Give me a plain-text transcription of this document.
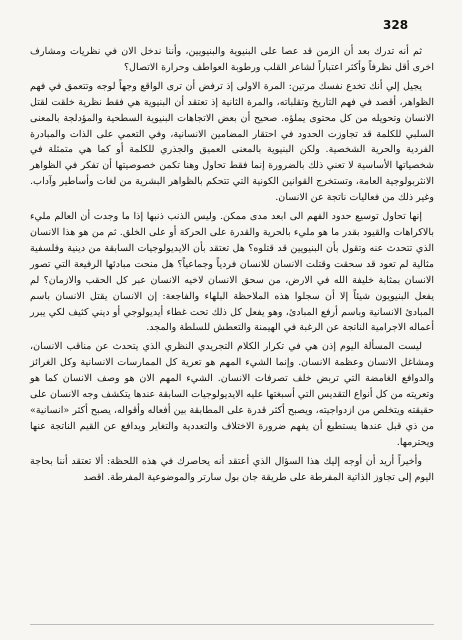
328

ثم أنه تدرك بعد أن الزمن قد عصا على البنيوية والبنيويين، وأننا ندخل الان في نظريات ومشارف اخرى أقل نظرفاً وأكثر اعتباراً لشاعر القلب ورطوبة العواطف وحرارة الاتصال؟

يجيل إلي أنك تخدع نفسك مرتين: المرة الاولى إذ ترفض أن ترى الواقع وجهاً لوجه وتتعمق في فهم الظواهر، أقصد في فهم التاريخ وتقلباته، والمرة الثانية إذ تعتقد أن البنيوية هي فقط نظرية خلقت لقتل الانسان وتحويله من كل محتوى يملؤه. صحيح أن بعض الاتجاهات البنيوية السطحية والمؤدلجة بالمعنى السلبي للكلمة قد تجاوزت الحدود في احتقار المضامين الانسانية، وفي التعمي على الذات والمبادرة الفردية والحرية الشخصية. ولكن البنيوية بالمعنى العميق والجذري للكلمة أو كما هي متمثلة في شخصياتها الأساسية لا تعني ذلك بالضرورة إنما فقط تحاول وهنا تكمن خصوصيتها أن تفكر في الظواهر الانثربولوجية العامة، وتستخرج القوانين الكونية التي تتحكم بالظواهر البشرية من لغات وأساطير وآداب. وغير ذلك من فعاليات ناتجة عن الانسان.

إنها تحاول توسيع حدود الفهم الى ابعد مدى ممكن. وليس الذنب ذنبها إذا ما وجدت أن العالم مليء بالاكراهات والقيود بقدر ما هو مليء بالحرية والقدرة على الحركة أو على الخلق. ثم من هو هذا الانسان الذي تتحدث عنه وتقول بأن البنيويين قد قتلوه؟ هل تعتقد بأن الايديولوجيات السابقة من دينية وفلسفية مثالية لم تعود قد سحقت وقتلت الانسان للانسان فردياً وجماعياً؟ هل منحت مبادئها الرفيعة التي تصور الانسان بمثابة خليفة الله في الارض، من سحق الانسان لاخيه الانسان عبر كل الحقب والازمان؟ لم يفعل البنيويون شيئاً إلا أن سجلوا هذه الملاحظة البلهاء والفاجعة: إن الانسان يقتل الانسان باسم المبادئ الانسانية وباسم أرفع المبادئ، وهو يفعل كل ذلك تحت غطاء أيديولوجي أو ديني كثيف لكي يبرر أعماله الاجرامية الناتجة عن الرغبة في الهيمنة والتعطش للسلطة والمجد.

ليست المسألة اليوم إذن هي في تكرار الكلام التجريدي النظري الذي يتحدث عن مناقب الانسان، ومشاغل الانسان وعظمة الانسان. وإنما الشيء المهم هو تعرية كل الممارسات الانسانية وكل الغرائز والدوافع الغامضة التي تربض خلف تصرفات الانسان. الشيء المهم الان هو وصف الانسان كما هو وتعريته من كل أنواع التقديس التي أسبغتها عليه الايديولوجيات السابقة عندها يتكشف وجه الانسان على حقيقته ويتخلص من ازدواجيته، ويصبح أكثر قدرة على المطابقة بين أفعاله وأقواله، يصبح أكثر «انسانية» من ذي قبل عندها يستطيع أن يفهم ضرورة الاختلاف والتعددية والتغاير ويدافع عن القيم الناتجة عنها ويحترمها.

وأخيراً أريد أن أوجه إليك هذا السؤال الذي أعتقد أنه يحاصرك في هذه اللحظة: ألا تعتقد أننا بحاجة اليوم إلى تجاوز الذاتية المفرطة على طريقة جان بول سارتر والموضوعية المفرطة. اقصد
